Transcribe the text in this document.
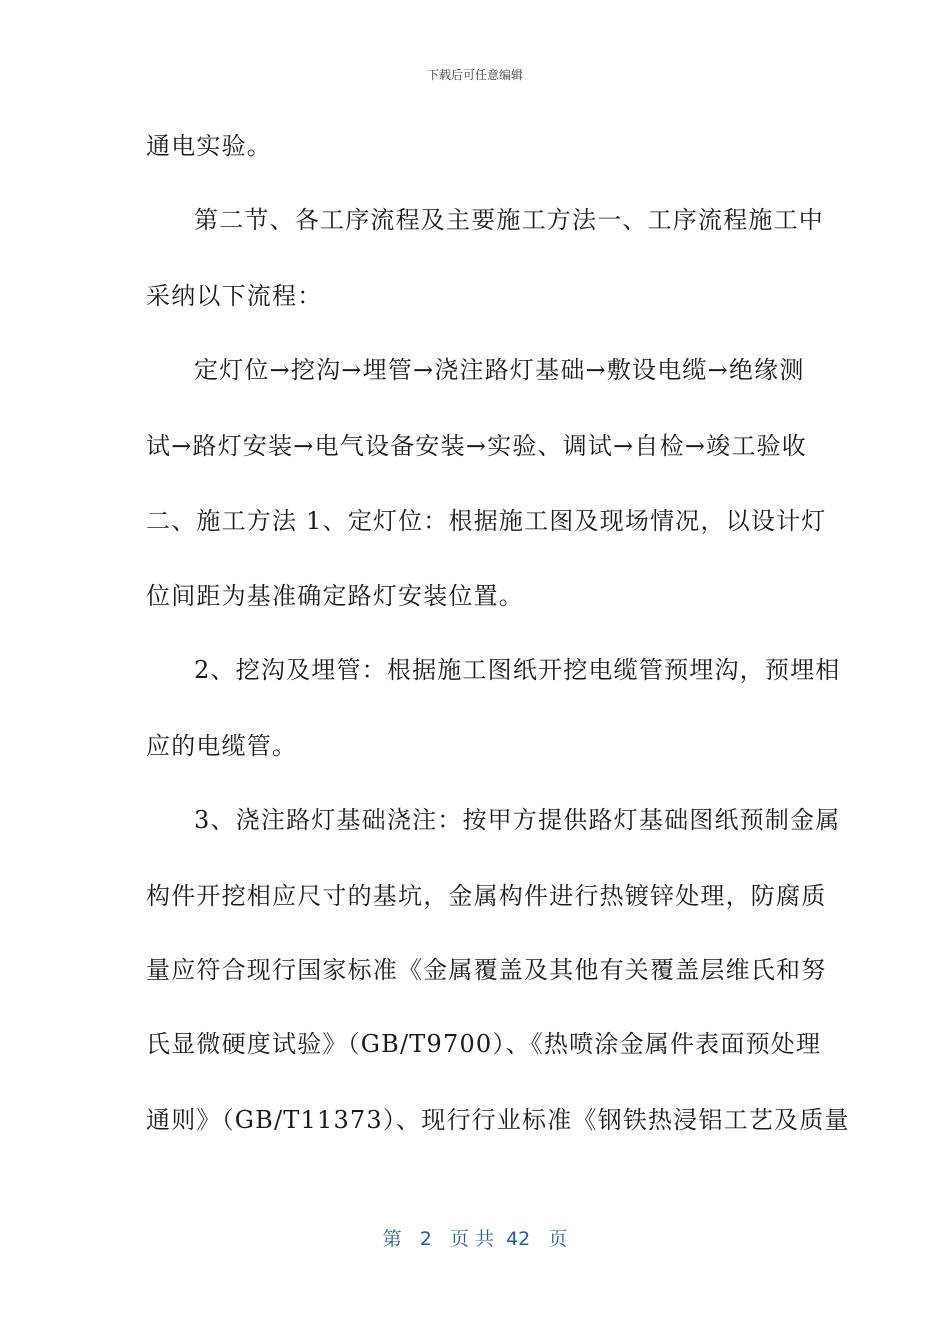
下载后可任意编辑
通电实验。
第二节、各工序流程及主要施工方法一、工序流程施工中
采纳以下流程：
定灯位→挖沟→埋管→浇注路灯基础→敷设电缆→绝缘测
试→路灯安装→电气设备安装→实验、调试→自检→竣工验收
二、施工方法 1、定灯位：根据施工图及现场情况，以设计灯
位间距为基准确定路灯安装位置。
2、挖沟及埋管：根据施工图纸开挖电缆管预埋沟，预埋相
应的电缆管。
3、浇注路灯基础浇注：按甲方提供路灯基础图纸预制金属
构件开挖相应尺寸的基坑，金属构件进行热镀锌处理，防腐质
量应符合现行国家标准《金属覆盖及其他有关覆盖层维氏和努
氏显微硬度试验》（GB/T9700）、《热喷涂金属件表面预处理
通则》（GB/T11373）、现行行业标准《钢铁热浸铝工艺及质量
第 2 页 共 42 页
